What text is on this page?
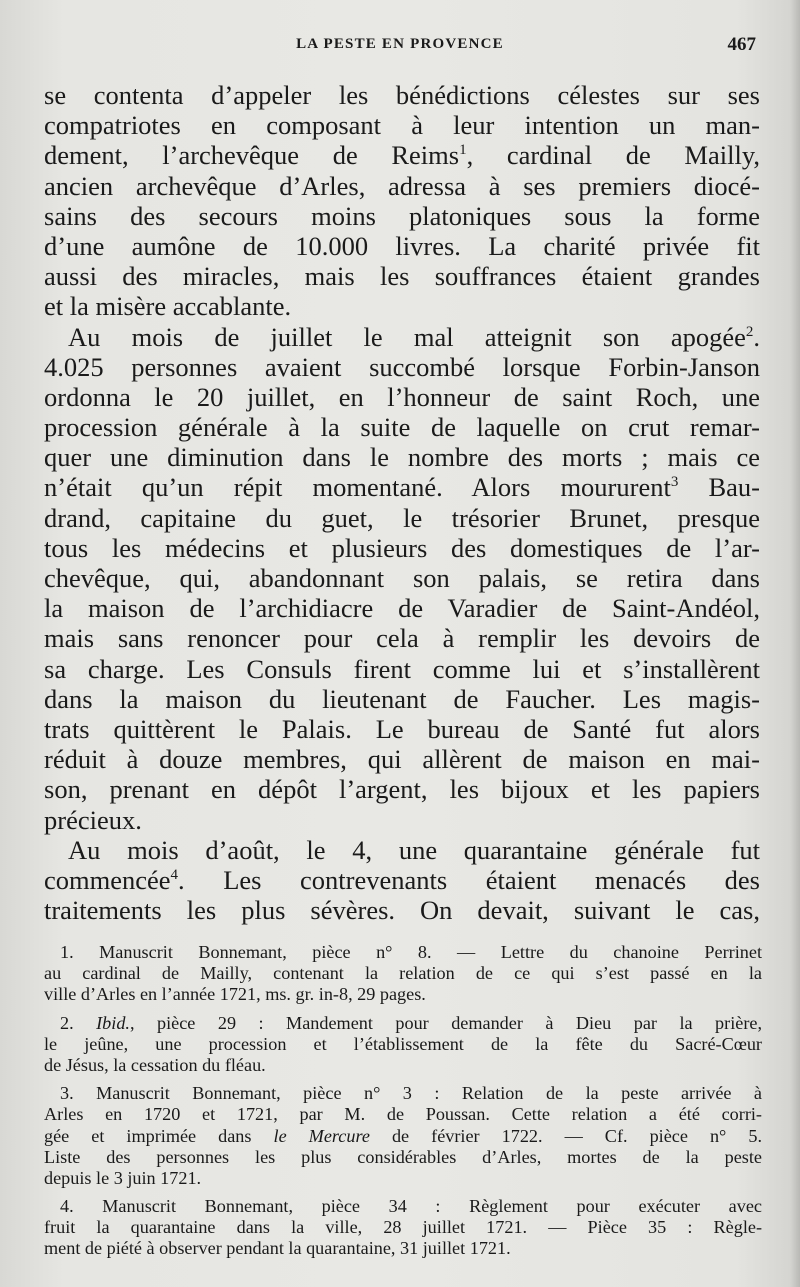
LA PESTE EN PROVENCE	467
se contenta d’appeler les bénédictions célestes sur ses
compatriotes en composant à leur intention un man-
dement, l’archevêque de Reims$^1$, cardinal de Mailly,
ancien archevêque d’Arles, adressa à ses premiers diocé-
sains des secours moins platoniques sous la forme
d’une aumône de 10.000 livres. La charité privée fit
aussi des miracles, mais les souffrances étaient grandes
et la misère accablante.
Au mois de juillet le mal atteignit son apogée$^2$.
4.025 personnes avaient succombé lorsque Forbin-Janson
ordonna le 20 juillet, en l’honneur de saint Roch, une
procession générale à la suite de laquelle on crut remar-
quer une diminution dans le nombre des morts ; mais ce
n’était qu’un répit momentané. Alors moururent$^3$ Bau-
drand, capitaine du guet, le trésorier Brunet, presque
tous les médecins et plusieurs des domestiques de l’ar-
chevêque, qui, abandonnant son palais, se retira dans
la maison de l’archidiacre de Varadier de Saint-Andéol,
mais sans renoncer pour cela à remplir les devoirs de
sa charge. Les Consuls firent comme lui et s’installèrent
dans la maison du lieutenant de Faucher. Les magis-
trats quittèrent le Palais. Le bureau de Santé fut alors
réduit à douze membres, qui allèrent de maison en mai-
son, prenant en dépôt l’argent, les bijoux et les papiers
précieux.
Au mois d’août, le 4, une quarantaine générale fut
commencée$^4$. Les contrevenants étaient menacés des
traitements les plus sévères. On devait, suivant le cas,
1. Manuscrit Bonnemant, pièce n° 8. — Lettre du chanoine Perrinet
au cardinal de Mailly, contenant la relation de ce qui s’est passé en la
ville d’Arles en l’année 1721, ms. gr. in-8, 29 pages.
2. Ibid., pièce 29 : Mandement pour demander à Dieu par la prière,
le jeûne, une procession et l’établissement de la fête du Sacré-Cœur
de Jésus, la cessation du fléau.
3. Manuscrit Bonnemant, pièce n° 3 : Relation de la peste arrivée à
Arles en 1720 et 1721, par M. de Poussan. Cette relation a été corri-
gée et imprimée dans le Mercure de février 1722. — Cf. pièce n° 5.
Liste des personnes les plus considérables d’Arles, mortes de la peste
depuis le 3 juin 1721.
4. Manuscrit Bonnemant, pièce 34 : Règlement pour exécuter avec
fruit la quarantaine dans la ville, 28 juillet 1721. — Pièce 35 : Règle-
ment de piété à observer pendant la quarantaine, 31 juillet 1721.
